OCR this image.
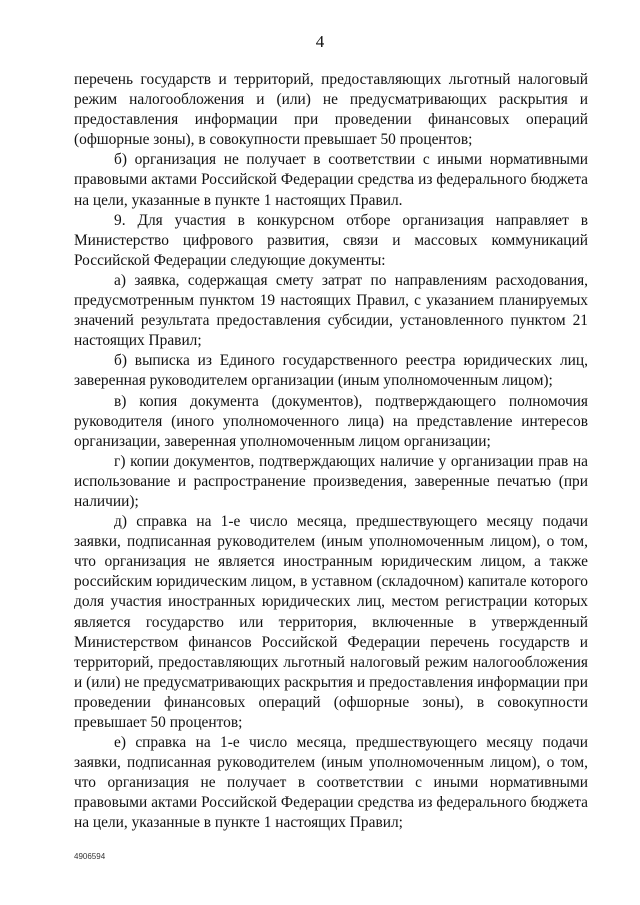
4

перечень государств и территорий, предоставляющих льготный налоговый режим налогообложения и (или) не предусматривающих раскрытия и предоставления информации при проведении финансовых операций (офшорные зоны), в совокупности превышает 50 процентов;

б) организация не получает в соответствии с иными нормативными правовыми актами Российской Федерации средства из федерального бюджета на цели, указанные в пункте 1 настоящих Правил.

9. Для участия в конкурсном отборе организация направляет в Министерство цифрового развития, связи и массовых коммуникаций Российской Федерации следующие документы:

а) заявка, содержащая смету затрат по направлениям расходования, предусмотренным пунктом 19 настоящих Правил, с указанием планируемых значений результата предоставления субсидии, установленного пунктом 21 настоящих Правил;

б) выписка из Единого государственного реестра юридических лиц, заверенная руководителем организации (иным уполномоченным лицом);

в) копия документа (документов), подтверждающего полномочия руководителя (иного уполномоченного лица) на представление интересов организации, заверенная уполномоченным лицом организации;

г) копии документов, подтверждающих наличие у организации прав на использование и распространение произведения, заверенные печатью (при наличии);

д) справка на 1-е число месяца, предшествующего месяцу подачи заявки, подписанная руководителем (иным уполномоченным лицом), о том, что организация не является иностранным юридическим лицом, а также российским юридическим лицом, в уставном (складочном) капитале которого доля участия иностранных юридических лиц, местом регистрации которых является государство или территория, включенные в утвержденный Министерством финансов Российской Федерации перечень государств и территорий, предоставляющих льготный налоговый режим налогообложения и (или) не предусматривающих раскрытия и предоставления информации при проведении финансовых операций (офшорные зоны), в совокупности превышает 50 процентов;

е) справка на 1-е число месяца, предшествующего месяцу подачи заявки, подписанная руководителем (иным уполномоченным лицом), о том, что организация не получает в соответствии с иными нормативными правовыми актами Российской Федерации средства из федерального бюджета на цели, указанные в пункте 1 настоящих Правил;

4906594
